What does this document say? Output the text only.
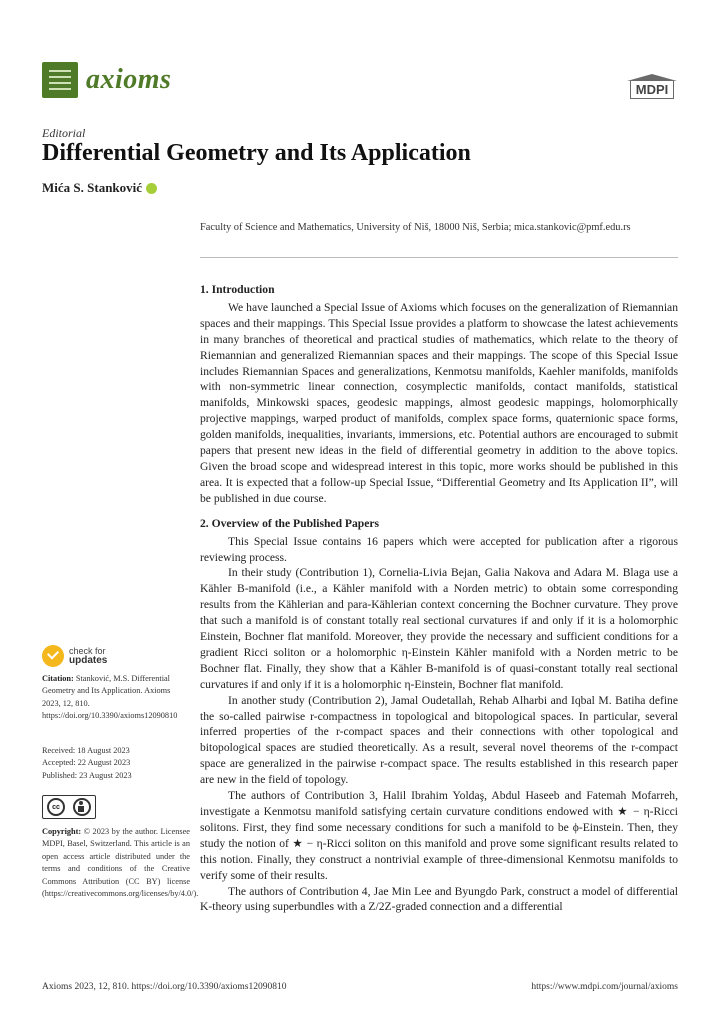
axioms	MDPI
Editorial
Differential Geometry and Its Application
Mića S. Stanković
Faculty of Science and Mathematics, University of Niš, 18000 Niš, Serbia; mica.stankovic@pmf.edu.rs
1. Introduction

We have launched a Special Issue of Axioms which focuses on the generalization of Riemannian spaces and their mappings. This Special Issue provides a platform to showcase the latest achievements in many branches of theoretical and practical studies of mathematics, which relate to the theory of Riemannian and generalized Riemannian spaces and their mappings. The scope of this Special Issue includes Riemannian Spaces and generalizations, Kenmotsu manifolds, Kaehler manifolds, manifolds with non-symmetric linear connection, cosymplectic manifolds, contact manifolds, statistical manifolds, Minkowski spaces, geodesic mappings, almost geodesic mappings, holomorphically projective mappings, warped product of manifolds, complex space forms, quaternionic space forms, golden manifolds, inequalities, invariants, immersions, etc. Potential authors are encouraged to submit papers that present new ideas in the field of differential geometry in addition to the above topics. Given the broad scope and widespread interest in this topic, more works should be published in this area. It is expected that a follow-up Special Issue, “Differential Geometry and Its Application II”, will be published in due course.

2. Overview of the Published Papers

This Special Issue contains 16 papers which were accepted for publication after a rigorous reviewing process.

In their study (Contribution 1), Cornelia-Livia Bejan, Galia Nakova and Adara M. Blaga use a Kähler B-manifold (i.e., a Kähler manifold with a Norden metric) to obtain some corresponding results from the Kählerian and para-Kählerian context concerning the Bochner curvature. They prove that such a manifold is of constant totally real sectional curvatures if and only if it is a holomorphic Einstein, Bochner flat manifold. Moreover, they provide the necessary and sufficient conditions for a gradient Ricci soliton or a holomorphic η-Einstein Kähler manifold with a Norden metric to be Bochner flat. Finally, they show that a Kähler B-manifold is of quasi-constant totally real sectional curvatures if and only if it is a holomorphic η-Einstein, Bochner flat manifold.

In another study (Contribution 2), Jamal Oudetallah, Rehab Alharbi and Iqbal M. Batiha define the so-called pairwise r-compactness in topological and bitopological spaces. In particular, several inferred properties of the r-compact spaces and their connections with other topological and bitopological spaces are studied theoretically. As a result, several novel theorems of the r-compact space are generalized in the pairwise r-compact space. The results established in this research paper are new in the field of topology.

The authors of Contribution 3, Halil Ibrahim Yoldaş, Abdul Haseeb and Fatemah Mofarreh, investigate a Kenmotsu manifold satisfying certain curvature conditions endowed with ★ − η-Ricci solitons. First, they find some necessary conditions for such a manifold to be ϕ-Einstein. Then, they study the notion of ★ − η-Ricci soliton on this manifold and prove some significant results related to this notion. Finally, they construct a nontrivial example of three-dimensional Kenmotsu manifolds to verify some of their results.

The authors of Contribution 4, Jae Min Lee and Byungdo Park, construct a model of differential K-theory using superbundles with a Z/2Z-graded connection and a differential

check for
updates
Citation: Stanković, M.S. Differential Geometry and Its Application. Axioms 2023, 12, 810. https://doi.org/10.3390/axioms12090810
Received: 18 August 2023
Accepted: 22 August 2023
Published: 23 August 2023
cc
Copyright: © 2023 by the author. Licensee MDPI, Basel, Switzerland. This article is an open access article distributed under the terms and conditions of the Creative Commons Attribution (CC BY) license (https://creativecommons.org/licenses/by/4.0/).
Axioms 2023, 12, 810. https://doi.org/10.3390/axioms12090810	https://www.mdpi.com/journal/axioms
